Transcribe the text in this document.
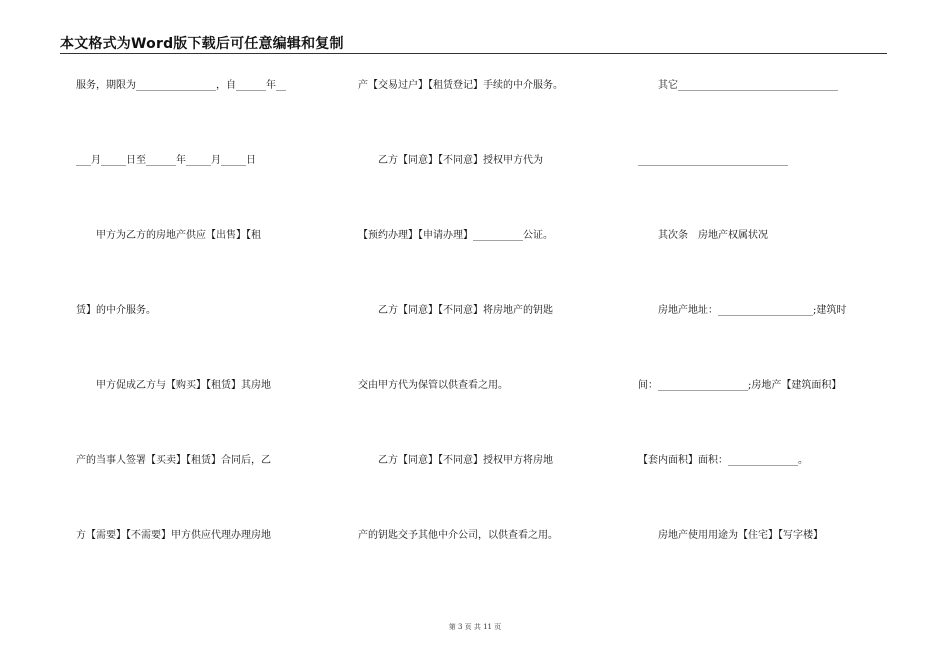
本文格式为Word版下载后可任意编辑和复制
服务，期限为________________，自______年__
___月_____日至______年_____月_____日
　　甲方为乙方的房地产供应【出售】【租
赁】的中介服务。
　　甲方促成乙方与【购买】【租赁】其房地
产的当事人签署【买卖】【租赁】合同后，乙
方【需要】【不需要】甲方供应代理办理房地
产【交易过户】【租赁登记】手续的中介服务。
　　乙方【同意】【不同意】授权甲方代为
【预约办理】【申请办理】__________公证。
　　乙方【同意】【不同意】将房地产的钥匙
交由甲方代为保管以供查看之用。
　　乙方【同意】【不同意】授权甲方将房地
产的钥匙交予其他中介公司，以供查看之用。
　　其它________________________________
______________________________
　　其次条　房地产权属状况
　　房地产地址：___________________;建筑时
间：__________________;房地产【建筑面积】
【套内面积】面积：______________。
　　房地产使用用途为【住宅】【写字楼】
第 3 页 共 11 页
